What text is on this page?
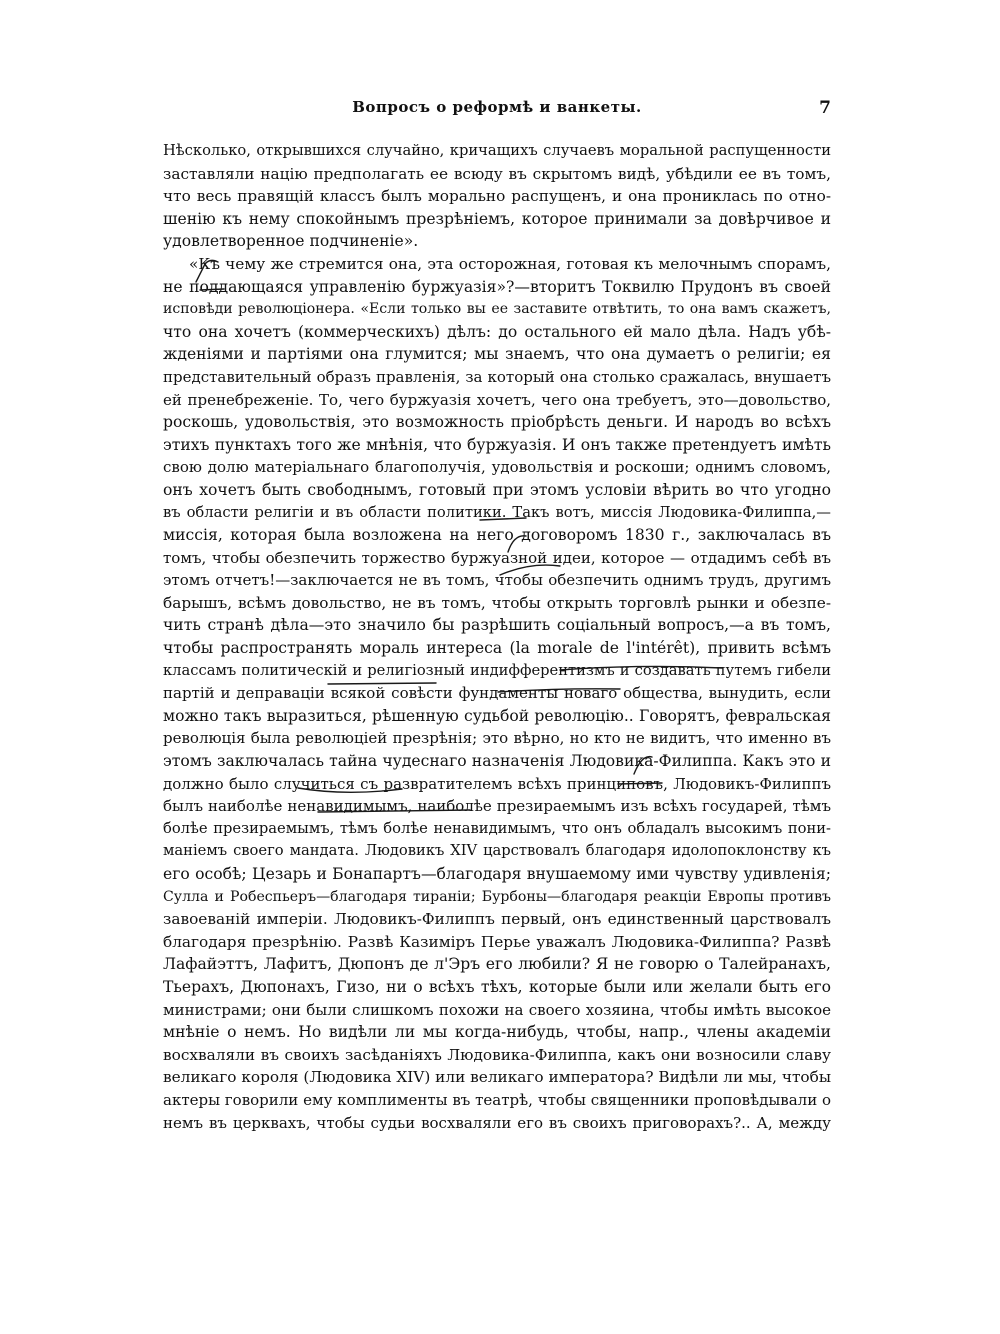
Вопросъ о реформѣ и ванкеты.	7
Нѣсколько, открывшихся случайно, кричащихъ случаевъ моральной распущенности
заставляли націю предполагать ее всюду въ скрытомъ видѣ, убѣдили ее въ томъ,
что весь правящій классъ былъ морально распущенъ, и она прониклась по отно-
шенію къ нему спокойнымъ презрѣніемъ, которое принимали за довѣрчивое и
удовлетворенное подчиненіе».
«Къ чему же стремится она, эта осторожная, готовая къ мелочнымъ спорамъ,
не поддающаяся управленію буржуазія»?—вторитъ Токвилю Прудонъ въ своей
исповѣди революціонера. «Если только вы ее заставите отвѣтить, то она вамъ скажетъ,
что она хочетъ (коммерческихъ) дѣлъ: до остального ей мало дѣла. Надъ убѣ-
жденіями и партіями она глумится; мы знаемъ, что она думаетъ о религіи; ея
представительный образъ правленія, за который она столько сражалась, внушаетъ
ей пренебреженіе. То, чего буржуазія хочетъ, чего она требуетъ, это—довольство,
роскошь, удовольствія, это возможность пріобрѣсть деньги. И народъ во всѣхъ
этихъ пунктахъ того же мнѣнія, что буржуазія. И онъ также претендуетъ имѣть
свою долю матеріальнаго благополучія, удовольствія и роскоши; однимъ словомъ,
онъ хочетъ быть свободнымъ, готовый при этомъ условіи вѣрить во что угодно
въ области религіи и въ области политики. Такъ вотъ, миссія Людовика-Филиппа,—
миссія, которая была возложена на него договоромъ 1830 г., заключалась въ
томъ, чтобы обезпечить торжество буржуазной идеи, которое — отдадимъ себѣ въ
этомъ отчетъ!—заключается не въ томъ, чтобы обезпечить однимъ трудъ, другимъ
барышъ, всѣмъ довольство, не въ томъ, чтобы открыть торговлѣ рынки и обезпе-
чить странѣ дѣла—это значило бы разрѣшить соціальный вопросъ,—а въ томъ,
чтобы распространять мораль интереса (la morale de l'intérêt), привить всѣмъ
классамъ политическій и религіозный индифферентизмъ и создавать путемъ гибели
партій и деправаціи всякой совѣсти фундаменты новаго общества, вынудить, если
можно такъ выразиться, рѣшенную судьбой революцію.. Говорятъ, февральская
революція была революціей презрѣнія; это вѣрно, но кто не видитъ, что именно въ
этомъ заключалась тайна чудеснаго назначенія Людовика-Филиппа. Какъ это и
должно было случиться съ развратителемъ всѣхъ принциповъ, Людовикъ-Филиппъ
былъ наиболѣе ненавидимымъ, наиболѣе презираемымъ изъ всѣхъ государей, тѣмъ
болѣе презираемымъ, тѣмъ болѣе ненавидимымъ, что онъ обладалъ высокимъ пони-
маніемъ своего мандата. Людовикъ XIV царствовалъ благодаря идолопоклонству къ
его особѣ; Цезарь и Бонапартъ—благодаря внушаемому ими чувству удивленія;
Сулла и Робеспьеръ—благодаря тираніи; Бурбоны—благодаря реакціи Европы противъ
завоеваній имперіи. Людовикъ-Филиппъ первый, онъ единственный царствовалъ
благодаря презрѣнію. Развѣ Казиміръ Перье уважалъ Людовика-Филиппа? Развѣ
Лафайэттъ, Лафитъ, Дюпонъ де л'Эръ его любили? Я не говорю о Талейранахъ,
Тьерахъ, Дюпонахъ, Гизо, ни о всѣхъ тѣхъ, которые были или желали быть его
министрами; они были слишкомъ похожи на своего хозяина, чтобы имѣть высокое
мнѣніе о немъ. Но видѣли ли мы когда-нибудь, чтобы, напр., члены академіи
восхваляли въ своихъ засѣданіяхъ Людовика-Филиппа, какъ они возносили славу
великаго короля (Людовика XIV) или великаго императора? Видѣли ли мы, чтобы
актеры говорили ему комплименты въ театрѣ, чтобы священники проповѣдывали о
немъ въ церквахъ, чтобы судьи восхваляли его въ своихъ приговорахъ?.. А, между
